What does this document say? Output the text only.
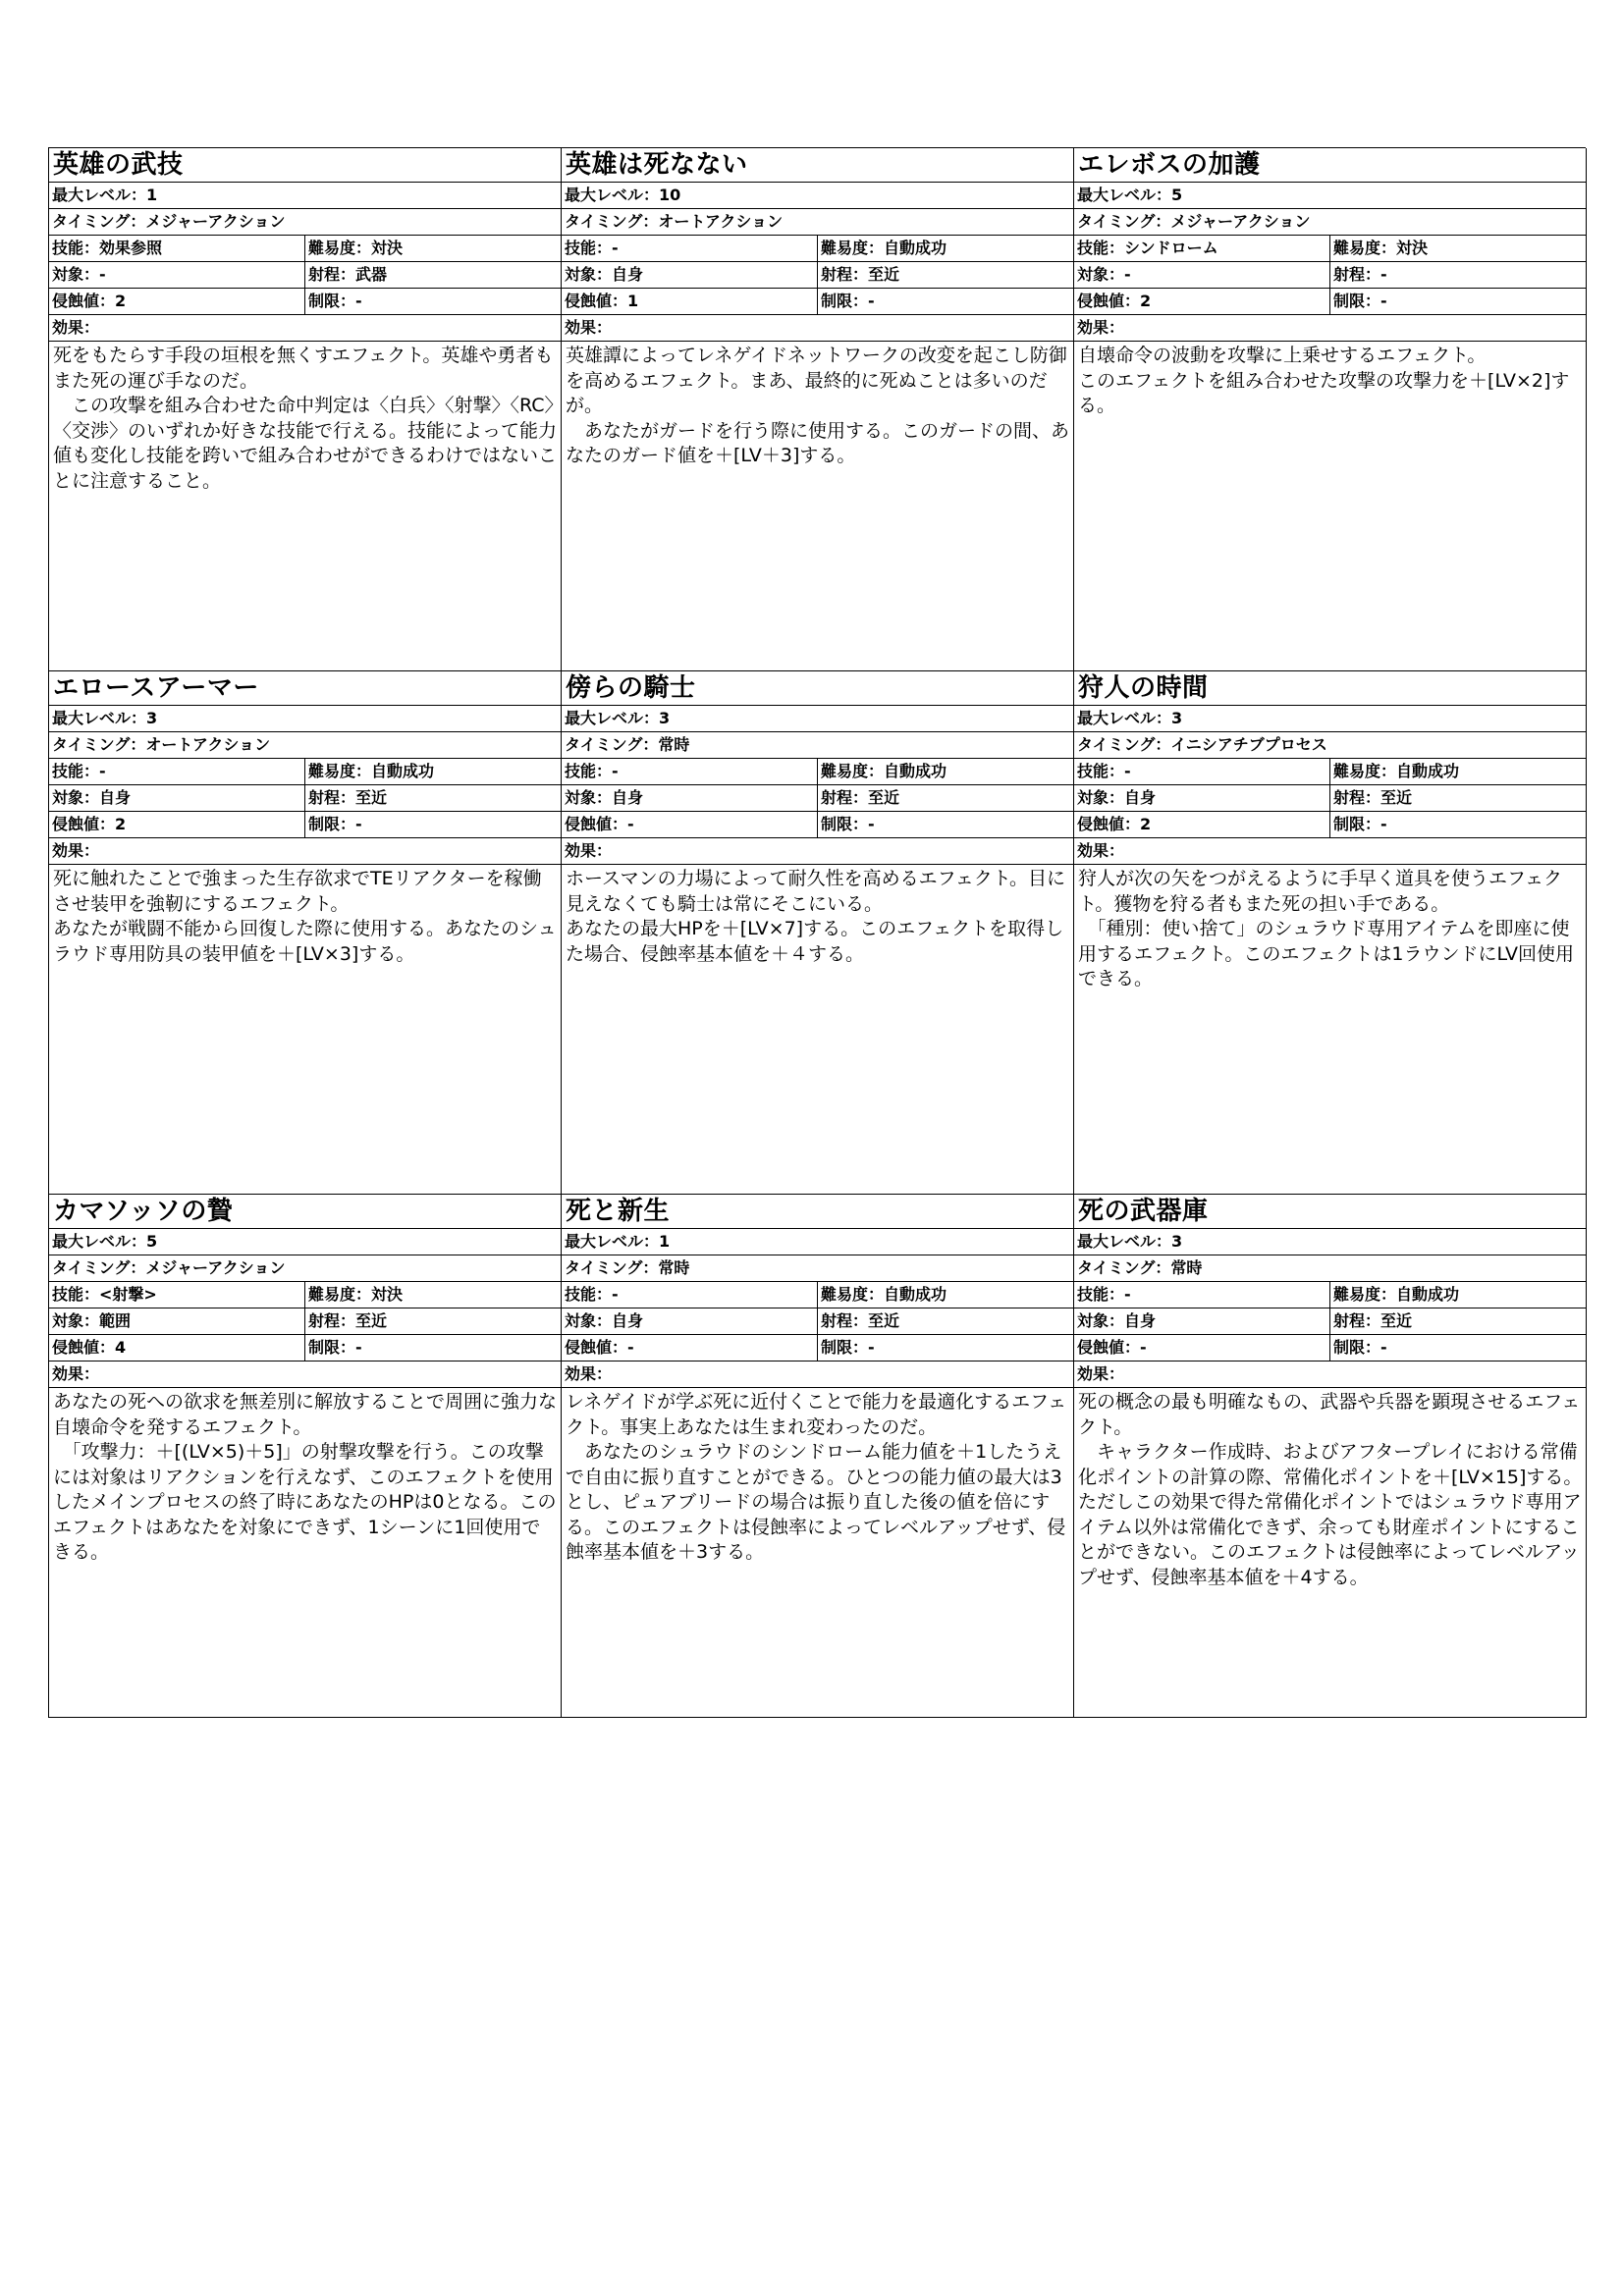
英雄の武技
最大レベル：1
タイミング：メジャーアクション
技能：効果参照	難易度：対決
対象：-	射程：武器
侵蝕値：2	制限：-
効果：
死をもたらす手段の垣根を無くすエフェクト。英雄や勇者もまた死の運び手なのだ。
　この攻撃を組み合わせた命中判定は〈白兵〉〈射撃〉〈RC〉〈交渉〉のいずれか好きな技能で行える。技能によって能力値も変化し技能を跨いで組み合わせができるわけではないことに注意すること。
英雄は死なない
最大レベル：10
タイミング：オートアクション
技能：-	難易度：自動成功
対象：自身	射程：至近
侵蝕値：1	制限：-
効果：
英雄譚によってレネゲイドネットワークの改変を起こし防御を高めるエフェクト。まあ、最終的に死ぬことは多いのだが。
　あなたがガードを行う際に使用する。このガードの間、あなたのガード値を＋[LV＋3]する。
エレボスの加護
最大レベル：5
タイミング：メジャーアクション
技能：シンドローム	難易度：対決
対象：-	射程：-
侵蝕値：2	制限：-
効果：
自壊命令の波動を攻撃に上乗せするエフェクト。
このエフェクトを組み合わせた攻撃の攻撃力を＋[LV×2]する。
エロースアーマー
最大レベル：3
タイミング：オートアクション
技能：-	難易度：自動成功
対象：自身	射程：至近
侵蝕値：2	制限：-
効果：
死に触れたことで強まった生存欲求でTEリアクターを稼働させ装甲を強靭にするエフェクト。
あなたが戦闘不能から回復した際に使用する。あなたのシュラウド専用防具の装甲値を＋[LV×3]する。
傍らの騎士
最大レベル：3
タイミング：常時
技能：-	難易度：自動成功
対象：自身	射程：至近
侵蝕値：-	制限：-
効果：
ホースマンの力場によって耐久性を高めるエフェクト。目に見えなくても騎士は常にそこにいる。
あなたの最大HPを＋[LV×7]する。このエフェクトを取得した場合、侵蝕率基本値を＋４する。
狩人の時間
最大レベル：3
タイミング：イニシアチブプロセス
技能：-	難易度：自動成功
対象：自身	射程：至近
侵蝕値：2	制限：-
効果：
狩人が次の矢をつがえるように手早く道具を使うエフェクト。獲物を狩る者もまた死の担い手である。
　「種別：使い捨て」のシュラウド専用アイテムを即座に使用するエフェクト。このエフェクトは1ラウンドにLV回使用できる。
カマソッソの贄
最大レベル：5
タイミング：メジャーアクション
技能：<射撃>	難易度：対決
対象：範囲	射程：至近
侵蝕値：4	制限：-
効果：
あなたの死への欲求を無差別に解放することで周囲に強力な自壊命令を発するエフェクト。
　「攻撃力：＋[(LV×5)＋5]」の射撃攻撃を行う。この攻撃には対象はリアクションを行えなず、このエフェクトを使用したメインプロセスの終了時にあなたのHPは0となる。このエフェクトはあなたを対象にできず、1シーンに1回使用できる。
死と新生
最大レベル：1
タイミング：常時
技能：-	難易度：自動成功
対象：自身	射程：至近
侵蝕値：-	制限：-
効果：
レネゲイドが学ぶ死に近付くことで能力を最適化するエフェクト。事実上あなたは生まれ変わったのだ。
　あなたのシュラウドのシンドローム能力値を＋1したうえで自由に振り直すことができる。ひとつの能力値の最大は3とし、ピュアブリードの場合は振り直した後の値を倍にする。このエフェクトは侵蝕率によってレベルアップせず、侵蝕率基本値を＋3する。
死の武器庫
最大レベル：3
タイミング：常時
技能：-	難易度：自動成功
対象：自身	射程：至近
侵蝕値：-	制限：-
効果：
死の概念の最も明確なもの、武器や兵器を顕現させるエフェクト。
　キャラクター作成時、およびアフタープレイにおける常備化ポイントの計算の際、常備化ポイントを＋[LV×15]する。ただしこの効果で得た常備化ポイントではシュラウド専用アイテム以外は常備化できず、余っても財産ポイントにすることができない。このエフェクトは侵蝕率によってレベルアップせず、侵蝕率基本値を＋4する。
